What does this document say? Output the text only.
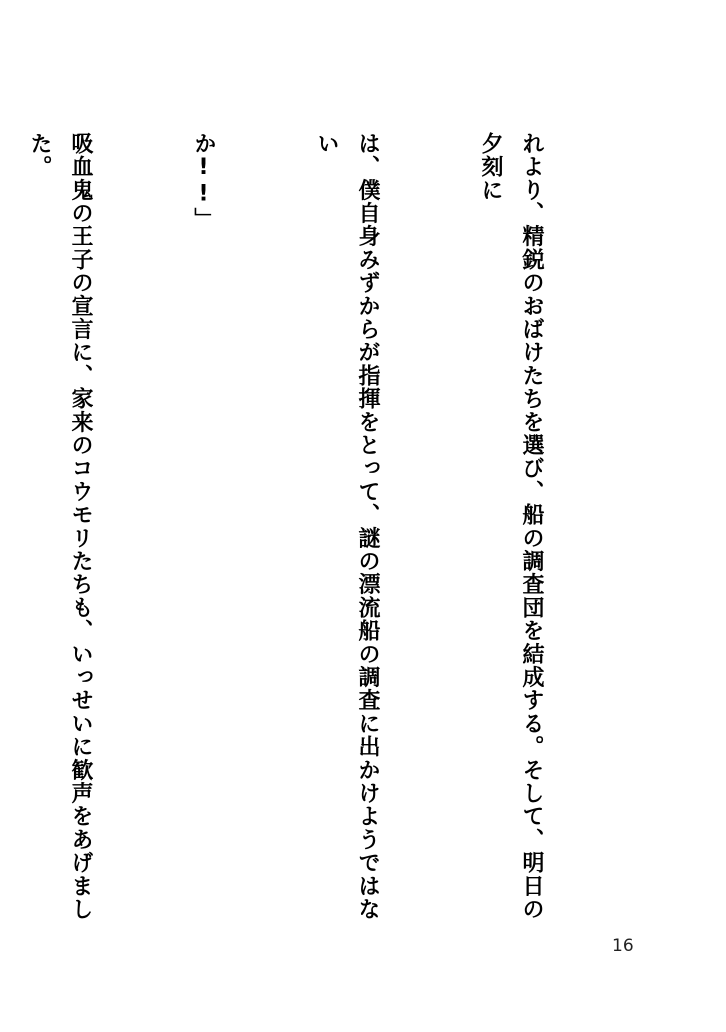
れより、精鋭のおばけたちを選び、船の調査団を結成する。そして、明日の夕刻に

は、僕自身みずからが指揮をとって、謎の漂流船の調査に出かけようではない

か!!」

吸血鬼の王子の宣言に、家来のコウモリたちも、いっせいに歓声をあげました。

16
